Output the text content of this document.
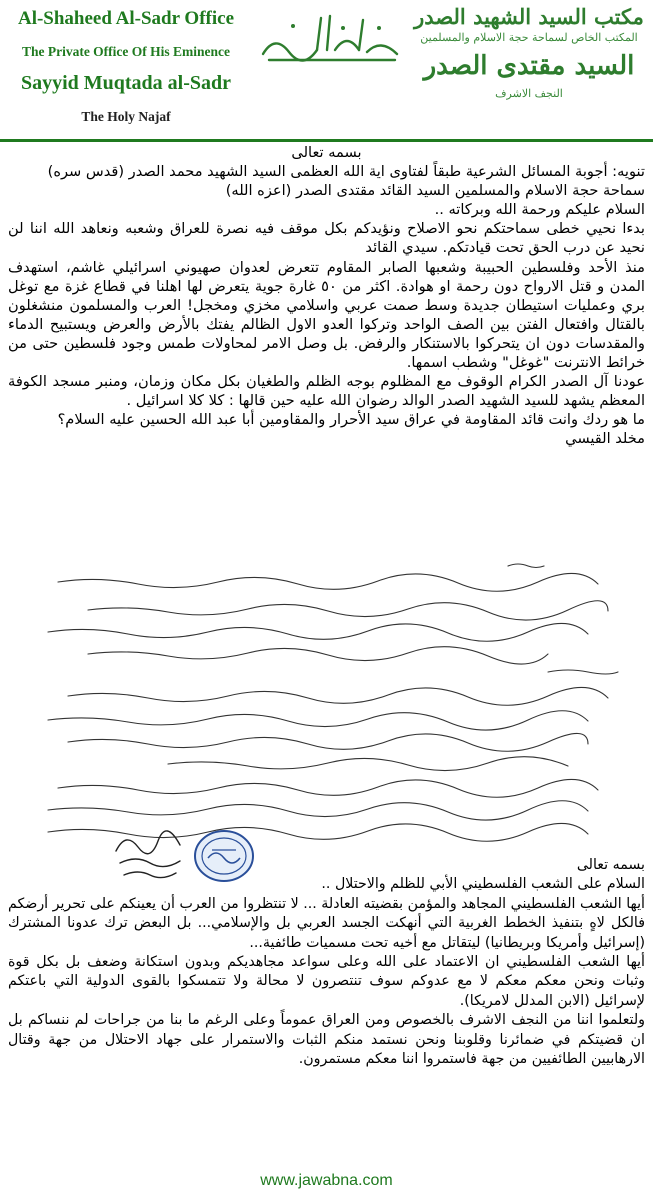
Al-Shaheed Al-Sadr Office
The Private Office Of His Eminence
Sayyid Muqtada al-Sadr
The Holy Najaf
مكتب السيد الشهيد الصدر
المكتب الخاص لسماحة حجة الاسلام والمسلمين
السيد مقتدى الصدر
النجف الاشرف

بسمه تعالى

تنويه: أجوبة المسائل الشرعية طبقاً لفتاوى اية الله العظمى السيد الشهيد محمد الصدر (قدس سره)

سماحة حجة الاسلام والمسلمين السيد القائد مقتدى الصدر (اعزه الله)

السلام عليكم ورحمة الله وبركاته ..

بدءا نحيي خطى سماحتكم نحو الاصلاح ونؤيدكم بكل موقف فيه نصرة للعراق وشعبه ونعاهد الله اننا لن نحيد عن درب الحق تحت قيادتكم. سيدي القائد

منذ الأحد وفلسطين الحبيبة وشعبها الصابر المقاوم تتعرض لعدوان صهيوني اسرائيلي غاشم، استهدف المدن و قتل الارواح دون رحمة او هوادة. اكثر من ٥٠ غارة جوية يتعرض لها اهلنا في قطاع غزة مع توغل بري وعمليات استيطان جديدة وسط صمت عربي واسلامي مخزي ومخجل! العرب والمسلمون منشغلون بالقتال وافتعال الفتن بين الصف الواحد وتركوا العدو الاول الظالم يفتك بالأرض والعرض ويستبيح الدماء والمقدسات دون ان يتحركوا بالاستنكار والرفض. بل وصل الامر لمحاولات طمس وجود فلسطين حتى من خرائط الانترنت "غوغل" وشطب اسمها.

عودنا آل الصدر الكرام الوقوف مع المظلوم بوجه الظلم والطغيان بكل مكان وزمان، ومنبر مسجد الكوفة المعظم يشهد للسيد الشهيد الصدر الوالد رضوان الله عليه حين قالها : كلا كلا اسرائيل .

ما هو ردك وانت قائد المقاومة في عراق سيد الأحرار والمقاومين أبا عبد الله الحسين عليه السلام؟

مخلد القيسي

بسمه تعالى

السلام على الشعب الفلسطيني الأبي للظلم والاحتلال ..

أيها الشعب الفلسطيني المجاهد والمؤمن بقضيته العادلة ... لا تنتظروا من العرب أن يعينكم على تحرير أرضكم فالكل لاهٍ بتنفيذ الخطط الغربية التي أنهكت الجسد العربي بل والإسلامي... بل البعض ترك عدونا المشترك (إسرائيل وأمريكا وبريطانيا) ليتقاتل مع أخيه تحت مسميات طائفية...

أيها الشعب الفلسطيني ان الاعتماد على الله وعلى سواعد مجاهديكم وبدون استكانة وضعف بل بكل قوة وثبات ونحن معكم معكم لا مع عدوكم سوف تنتصرون لا محالة ولا تتمسكوا بالقوى الدولية التي باعتكم لإسرائيل (الابن المدلل لامريكا).

ولتعلموا اننا من النجف الاشرف بالخصوص ومن العراق عموماً وعلى الرغم ما بنا من جراحات لم ننساكم بل ان قضيتكم في ضمائرنا وقلوبنا ونحن نستمد منكم الثبات والاستمرار على جهاد الاحتلال من جهة وقتال الارهابيين الطائفيين من جهة فاستمروا اننا معكم مستمرون.

www.jawabna.com
